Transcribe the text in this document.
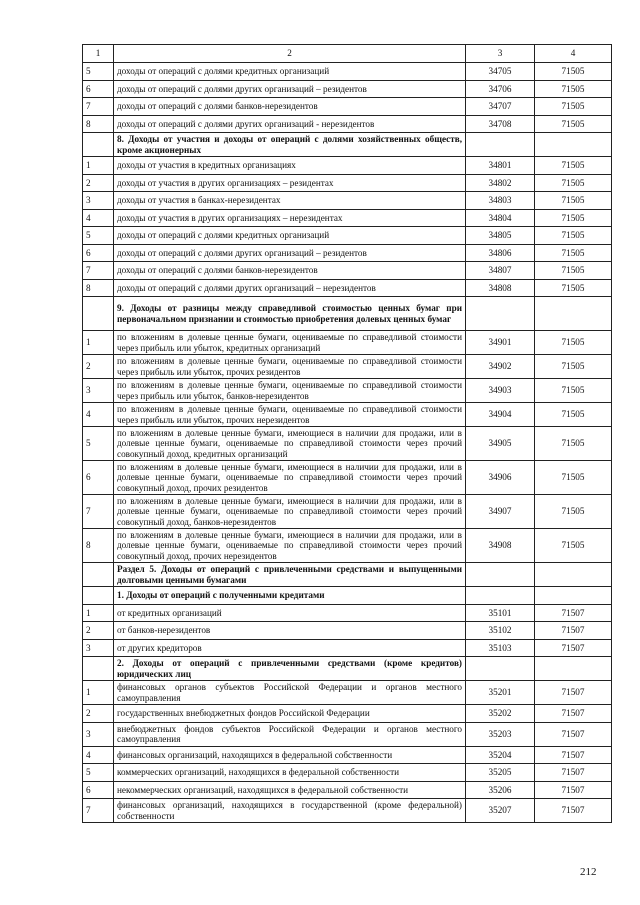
1	2	3	4
5	доходы от операций с долями кредитных организаций	34705	71505
6	доходы от операций с долями других организаций – резидентов	34706	71505
7	доходы от операций с долями банков-нерезидентов	34707	71505
8	доходы от операций с долями других организаций - нерезидентов	34708	71505
	8. Доходы от участия и доходы от операций с долями хозяйственных обществ, кроме акционерных		
1	доходы от участия в кредитных организациях	34801	71505
2	доходы от участия в других организациях – резидентах	34802	71505
3	доходы от участия в банках-нерезидентах	34803	71505
4	доходы от участия в других организациях – нерезидентах	34804	71505
5	доходы от операций с долями кредитных организаций	34805	71505
6	доходы от операций с долями других организаций – резидентов	34806	71505
7	доходы от операций с долями банков-нерезидентов	34807	71505
8	доходы от операций с долями других организаций – нерезидентов	34808	71505
	9. Доходы от разницы между справедливой стоимостью ценных бумаг при первоначальном признании и стоимостью приобретения долевых ценных бумаг		
1	по вложениям в долевые ценные бумаги, оцениваемые по справедливой стоимости через прибыль или убыток, кредитных организаций	34901	71505
2	по вложениям в долевые ценные бумаги, оцениваемые по справедливой стоимости через прибыль или убыток, прочих резидентов	34902	71505
3	по вложениям в долевые ценные бумаги, оцениваемые по справедливой стоимости через прибыль или убыток, банков-нерезидентов	34903	71505
4	по вложениям в долевые ценные бумаги, оцениваемые по справедливой стоимости через прибыль или убыток, прочих нерезидентов	34904	71505
5	по вложениям в долевые ценные бумаги, имеющиеся в наличии для продажи, или в долевые ценные бумаги, оцениваемые по справедливой стоимости через прочий совокупный доход, кредитных организаций	34905	71505
6	по вложениям в долевые ценные бумаги, имеющиеся в наличии для продажи, или в долевые ценные бумаги, оцениваемые по справедливой стоимости через прочий совокупный доход, прочих резидентов	34906	71505
7	по вложениям в долевые ценные бумаги, имеющиеся в наличии для продажи, или в долевые ценные бумаги, оцениваемые по справедливой стоимости через прочий совокупный доход, банков-нерезидентов	34907	71505
8	по вложениям в долевые ценные бумаги, имеющиеся в наличии для продажи, или в долевые ценные бумаги, оцениваемые по справедливой стоимости через прочий совокупный доход, прочих нерезидентов	34908	71505
	Раздел 5. Доходы от операций с привлеченными средствами и выпущенными долговыми ценными бумагами		
	1. Доходы от операций с полученными кредитами		
1	от кредитных организаций	35101	71507
2	от банков-нерезидентов	35102	71507
3	от других кредиторов	35103	71507
	2. Доходы от операций с привлеченными средствами (кроме кредитов) юридических лиц		
1	финансовых органов субъектов Российской Федерации и органов местного самоуправления	35201	71507
2	государственных внебюджетных фондов Российской Федерации	35202	71507
3	внебюджетных фондов субъектов Российской Федерации и органов местного самоуправления	35203	71507
4	финансовых организаций, находящихся в федеральной собственности	35204	71507
5	коммерческих организаций, находящихся в федеральной собственности	35205	71507
6	некоммерческих организаций, находящихся в федеральной собственности	35206	71507
7	финансовых организаций, находящихся в государственной (кроме федеральной) собственности	35207	71507
212
